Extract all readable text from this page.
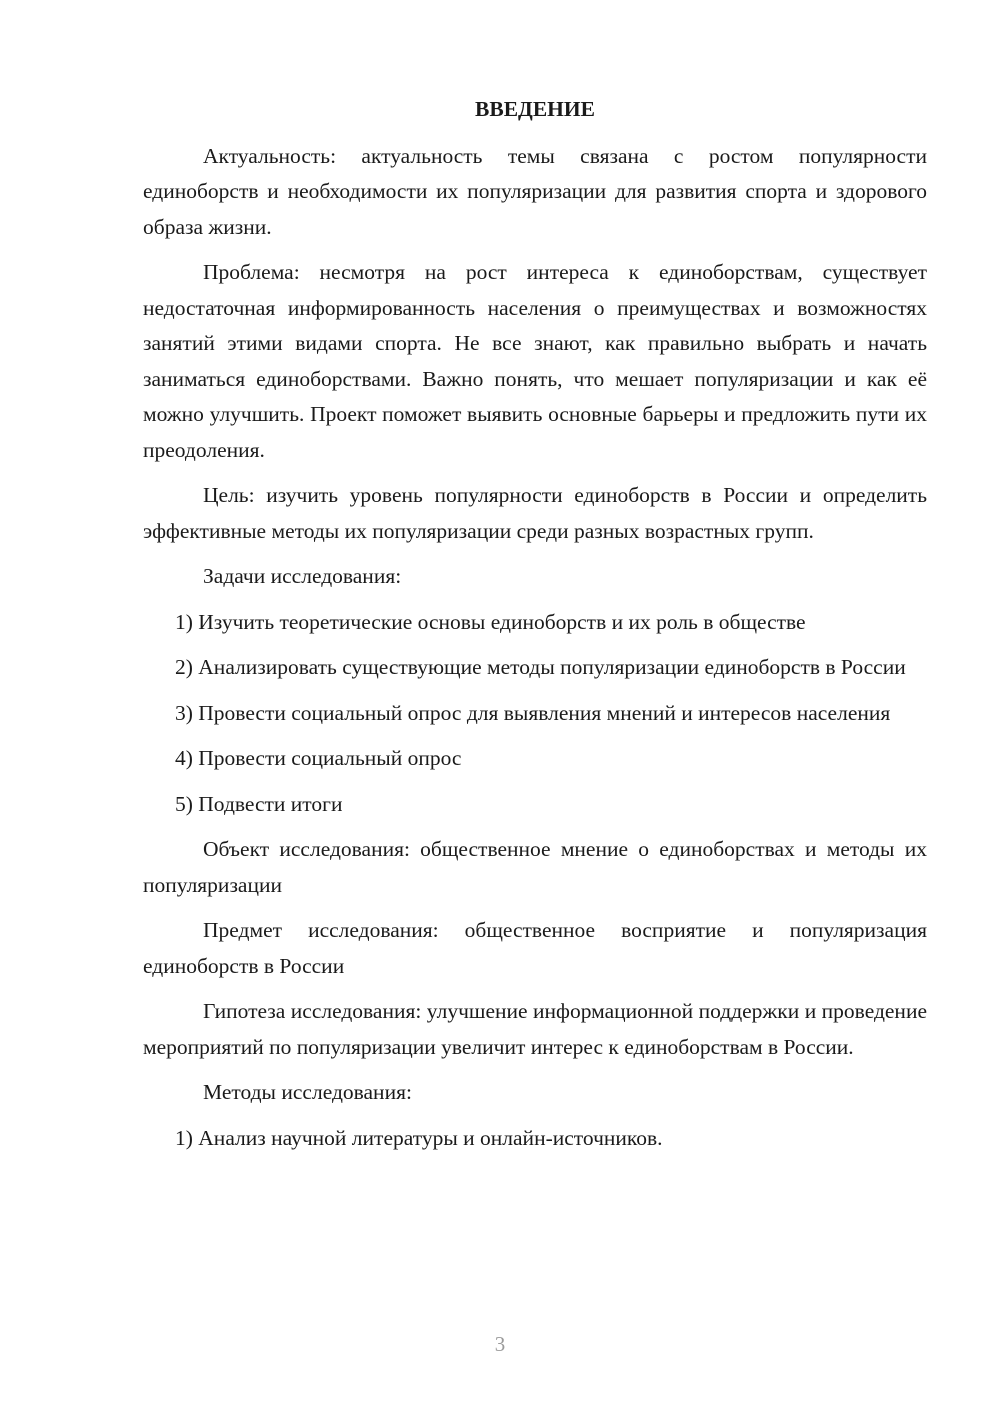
ВВЕДЕНИЕ

Актуальность: актуальность темы связана с ростом популярности единоборств и необходимости их популяризации для развития спорта и здорового образа жизни.

Проблема: несмотря на рост интереса к единоборствам, существует недостаточная информированность населения о преимуществах и возможностях занятий этими видами спорта. Не все знают, как правильно выбрать и начать заниматься единоборствами. Важно понять, что мешает популяризации и как её можно улучшить. Проект поможет выявить основные барьеры и предложить пути их преодоления.

Цель: изучить уровень популярности единоборств в России и определить эффективные методы их популяризации среди разных возрастных групп.

Задачи исследования:

1) Изучить теоретические основы единоборств и их роль в обществе

2) Анализировать существующие методы популяризации единоборств в России

3) Провести социальный опрос для выявления мнений и интересов населения

4) Провести социальный опрос

5) Подвести итоги

Объект исследования: общественное мнение о единоборствах и методы их популяризации

Предмет исследования: общественное восприятие и популяризация единоборств в России

Гипотеза исследования: улучшение информационной поддержки и проведение мероприятий по популяризации увеличит интерес к единоборствам в России.

Методы исследования:

1) Анализ научной литературы и онлайн-источников.

3
